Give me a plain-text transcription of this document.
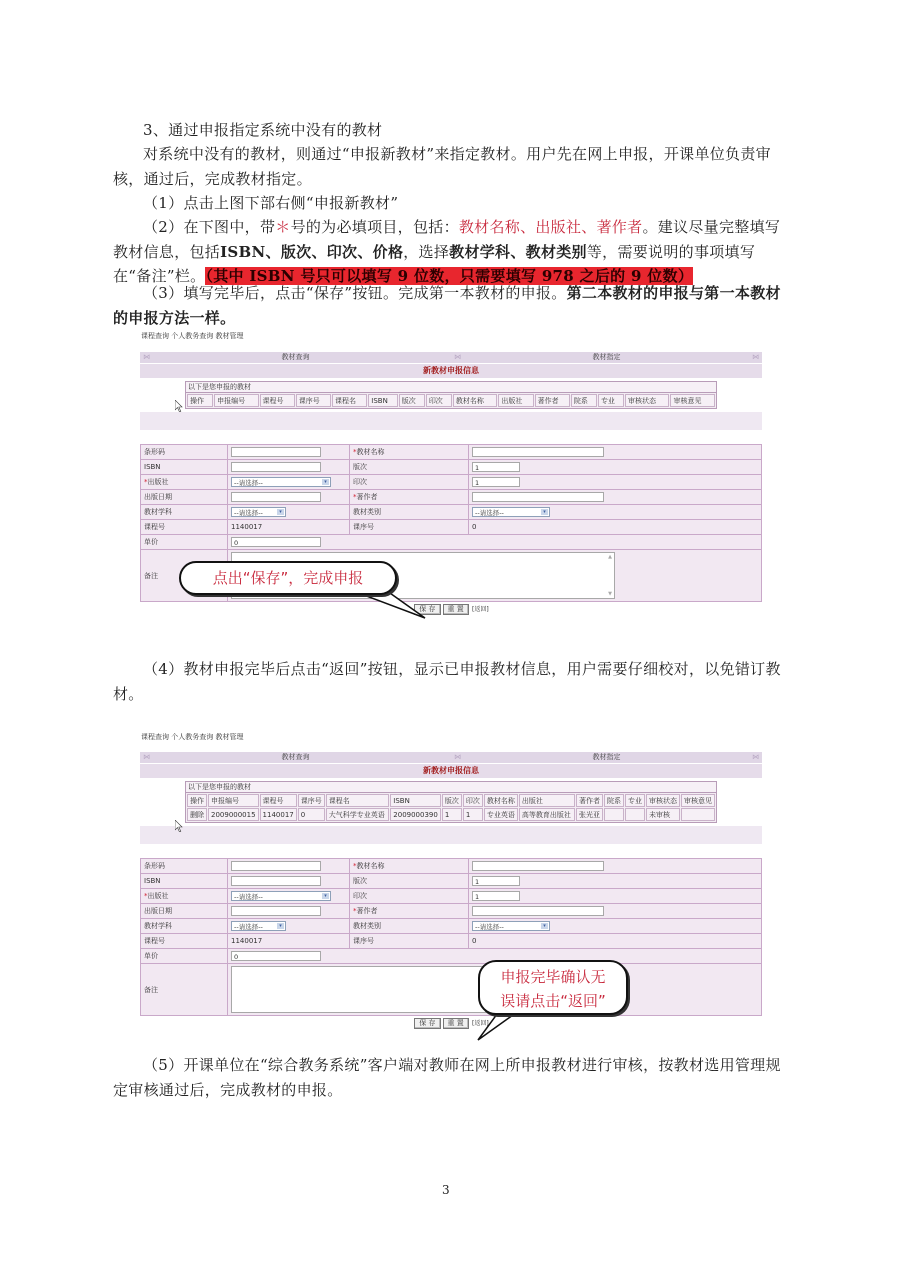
3、通过申报指定系统中没有的教材
对系统中没有的教材，则通过“申报新教材”来指定教材。用户先在网上申报，开课单位负责审核，通过后，完成教材指定。
（1）点击上图下部右侧“申报新教材”
（2）在下图中，带＊号的为必填项目，包括：教材名称、出版社、著作者。建议尽量完整填写教材信息，包括ISBN、版次、印次、价格，选择教材学科、教材类别等，需要说明的事项填写在“备注”栏。（其中 ISBN 号只可以填写 9 位数，只需要填写 978 之后的 9 位数）
（3）填写完毕后，点击“保存”按钮。完成第一本教材的申报。第二本教材的申报与第一本教材的申报方法一样。
课程查询 个人教务查询 教材管理
⋈	教材查询	⋈	教材指定	⋈
新教材申报信息
以下是您申报的教材
操作	申报编号	课程号	课序号	课程名	ISBN	版次	印次	教材名称	出版社	著作者	院系	专业	审核状态	审核意见
条形码		*教材名称	
ISBN		版次	1
*出版社	--请选择-- ▾	印次	1
出版日期		*著作者	
教材学科	--请选择-- ▾	教材类别	--请选择-- ▾

课程号	1140017	课序号	0
单价	0		
备注	▲
▼		
保 存 重 置 [返回]
点出“保存”，完成申报
（4）教材申报完毕后点击“返回”按钮，显示已申报教材信息，用户需要仔细校对，以免错订教材。
课程查询 个人教务查询 教材管理
⋈	教材查询	⋈	教材指定	⋈
新教材申报信息
以下是您申报的教材
操作	申报编号	课程号	课序号	课程名	ISBN	版次	印次	教材名称	出版社	著作者	院系	专业	审核状态	审核意见
删除	2009000015	1140017	0	大气科学专业英语	2009000390	1	1	专业英语	高等教育出版社	张光亚			未审核	
条形码		*教材名称	
ISBN		版次	1
*出版社	--请选择-- ▾	印次	1
出版日期		*著作者	
教材学科	--请选择-- ▾	教材类别	--请选择-- ▾

课程号	1140017	课序号	0
单价	0		
备注	
保 存 重 置 [返回]
申报完毕确认无
误请点击“返回”
（5）开课单位在“综合教务系统”客户端对教师在网上所申报教材进行审核，按教材选用管理规定审核通过后，完成教材的申报。
3
